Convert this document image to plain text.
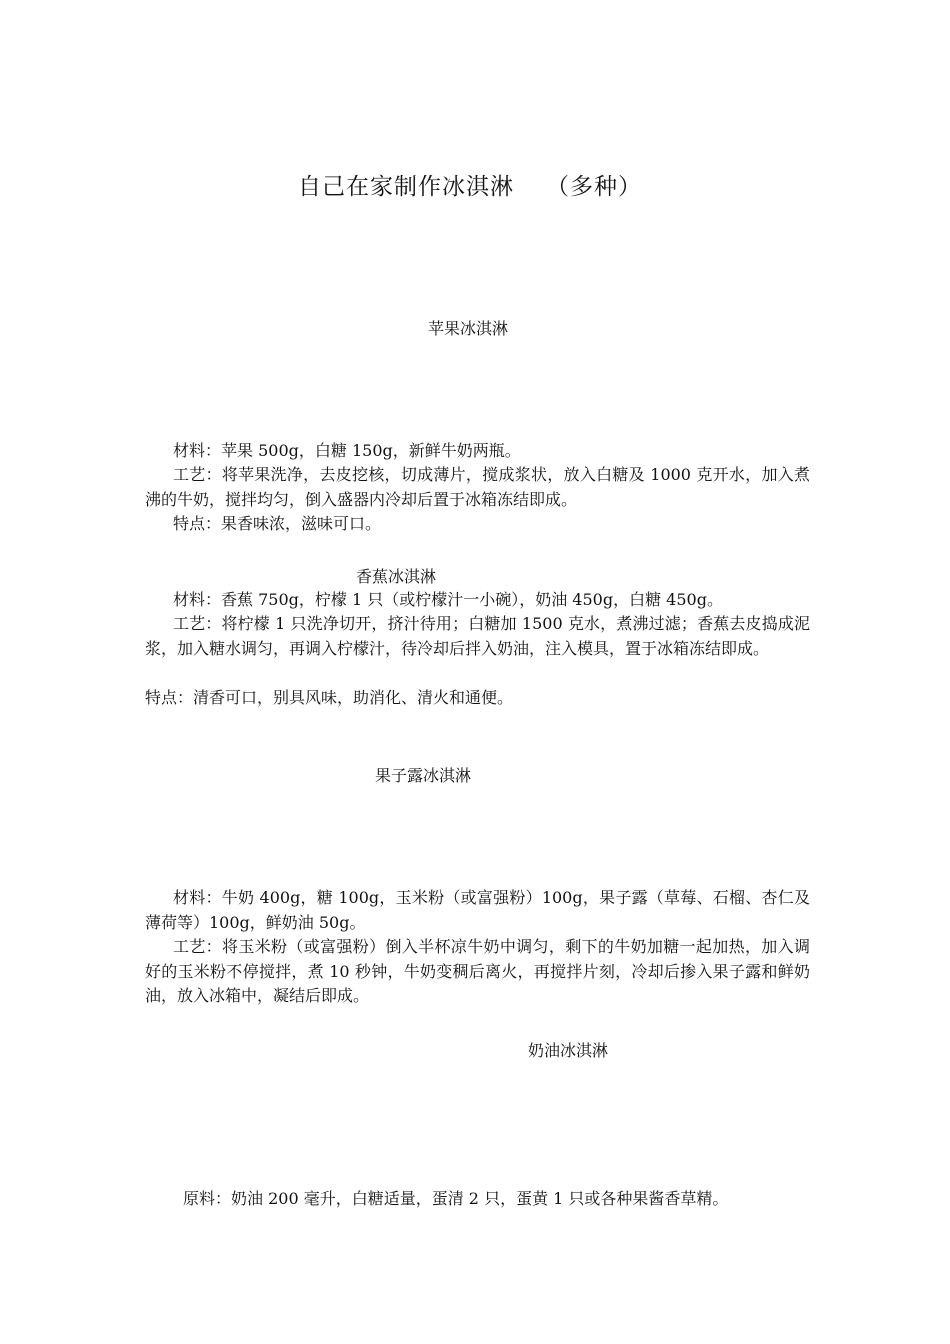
自己在家制作冰淇淋 （多种）
苹果冰淇淋
材料：苹果 500g，白糖 150g，新鲜牛奶两瓶。
工艺：将苹果洗净，去皮挖核，切成薄片，搅成浆状，放入白糖及 1000 克开水，加入煮沸的牛奶，搅拌均匀，倒入盛器内冷却后置于冰箱冻结即成。
特点：果香味浓，滋味可口。
香蕉冰淇淋
材料：香蕉 750g，柠檬 1 只（或柠檬汁一小碗），奶油 450g，白糖 450g。
工艺：将柠檬 1 只洗净切开，挤汁待用；白糖加 1500 克水，煮沸过滤；香蕉去皮捣成泥浆，加入糖水调匀，再调入柠檬汁，待冷却后拌入奶油，注入模具，置于冰箱冻结即成。
特点：清香可口，别具风味，助消化、清火和通便。
果子露冰淇淋
材料：牛奶 400g，糖 100g，玉米粉（或富强粉）100g，果子露（草莓、石榴、杏仁及薄荷等）100g，鲜奶油 50g。
工艺：将玉米粉（或富强粉）倒入半杯凉牛奶中调匀，剩下的牛奶加糖一起加热，加入调好的玉米粉不停搅拌，煮 10 秒钟，牛奶变稠后离火，再搅拌片刻，冷却后掺入果子露和鲜奶油，放入冰箱中，凝结后即成。
奶油冰淇淋
原料：奶油 200 毫升，白糖适量，蛋清 2 只，蛋黄 1 只或各种果酱香草精。
